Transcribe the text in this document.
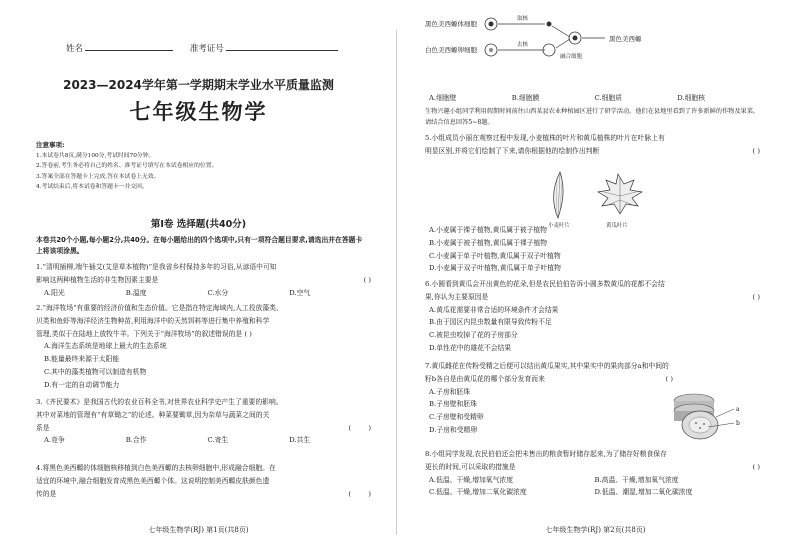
姓名	准考证号
2023—2024学年第一学期期末学业水平质量监测
七年级生物学
注意事项:
1.本试卷共8页,满分100分,考试时间70分钟。
2.答卷前,考生务必将自己的姓名、准考证号填写在本试卷相应的位置。
3.答案全部在答题卡上完成,答在本试卷上无效。
4.考试结束后,将本试卷和答题卡一并交回。
第Ⅰ卷 选择题(共40分)
本卷共20个小题,每小题2分,共40分。在每小题给出的四个选项中,只有一项符合题目要求,请选出并在答题卡上将该项涂黑。
1.“清明插柳,端午插艾(艾是草本植物)”是我省乡村保持多年的习俗,从谚语中可知
影响这两种植物生活的非生物因素主要是	( )
A.阳光	B.温度	C.水分	D.空气
2.“海洋牧场”有重要的经济价值和生态价值。它是指在特定海域内,人工投放藻类、
贝类和鱼虾等海洋经济生物种苗,利用海洋中的天然饵料等进行集中养殖和科学
管理,类似于在陆地上放牧牛羊。下列关于“海洋牧场”的叙述错误的是 ( )
A.海洋生态系统是地球上最大的生态系统
B.能量最终来源于太阳能
C.其中的藻类植物可以制造有机物
D.有一定的自动调节能力
3.《齐民要术》是我国古代的农业百科全书,对世界农业科学史产生了重要的影响。
其中对菜地的管理有“有草锄之”的论述。种菜要锄草,因为杂草与蔬菜之间的关
系是	(        )
A.竞争	B.合作	C.寄生	D.共生
4.将黑色美西螈的体细胞核移植到白色美西螈的去核卵细胞中,形成融合细胞。在
适宜的环境中,融合细胞发育成黑色美西螈个体。这说明控制美西螈皮肤颜色遗
传的是	(        )
七年级生物学(RJ) 第1页(共8页)
黑色美西螈体细胞
取核
白色美西螈卵细胞
去核
黑色美西螈
融合细胞
A.细胞壁	B.细胞膜	C.细胞质	D.细胞核
生物兴趣小组同学利用假期时间前往山西某县农业种植园区进行了研学活动。他们在县地里看到了许多新鲜的作物及果菜。请结合信息回答5~8题。
5.小组成员小丽在观察过程中发现,小麦植株的叶片和黄瓜植株的叶片在叶脉上有
明显区别,并将它们绘制了下来,请你根据他的绘制作出判断	( )
A.小麦属于裸子植物,黄瓜属于被子植物
B.小麦属于被子植物,黄瓜属于裸子植物
C.小麦属于单子叶植物,黄瓜属于双子叶植物
D.小麦属于双子叶植物,黄瓜属于单子叶植物
6.小圆看到黄瓜会开出黄色的花朵,但是农民伯伯告诉小圆多数黄瓜的花都不会结
果,你认为主要原因是	( )
A.黄瓜花需要非常合适的环境条件才会结果
B.由于园区内昆虫数量有限导致传粉不足
C.被昆虫咬掉了花的子房部分
D.单性花中的雄花不会结果
7.黄瓜雌花在传粉受精之后便可以结出黄瓜果实,其中果实中的果肉部分a和中间的
籽b各自是由黄瓜花的哪个部分发育而来	( )
A.子房和胚珠
B.子房壁和胚珠
C.子房壁和受精卵
D.子房和受精卵
8.小组同学发现,农民伯伯还会把未售出的粮食暂时储存起来,为了储存好粮食保存
更长的时间,可以采取的措施是	( )
A.低温、干燥,增加氧气浓度	B.高温、干燥,增加氧气浓度
C.低温、干燥,增加二氧化碳浓度	D.低温、潮湿,增加二氧化碳浓度
七年级生物学(RJ) 第2页(共8页)
小麦叶片	黄瓜叶片
a
b
